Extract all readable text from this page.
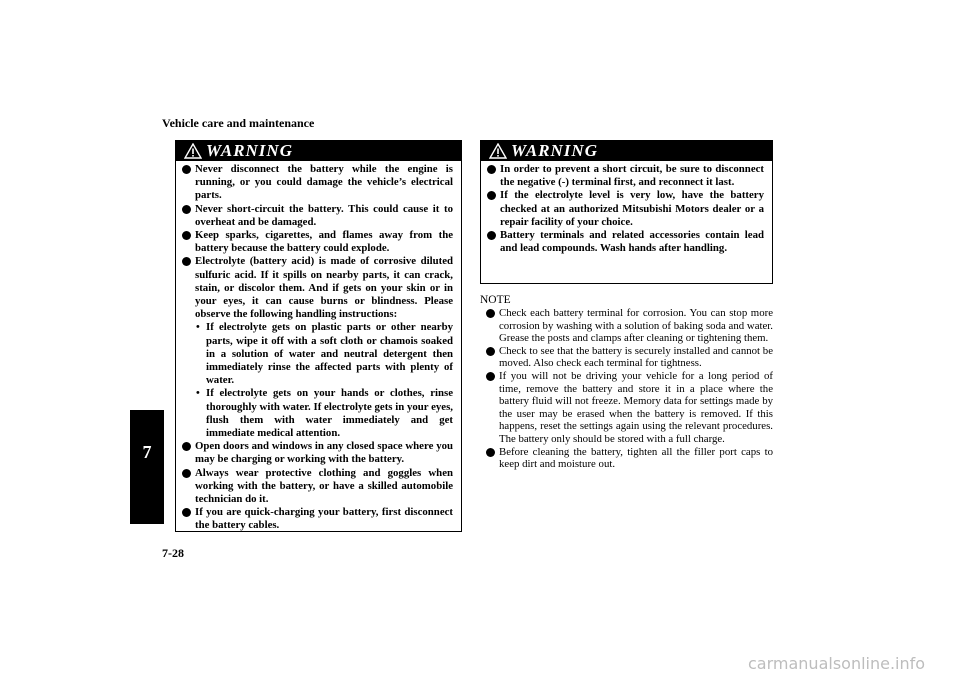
Vehicle care and maintenance
7
WARNING
Never disconnect the battery while the engine is running, or you could damage the vehicle’s electrical parts.
Never short-circuit the battery. This could cause it to overheat and be damaged.
Keep sparks, cigarettes, and flames away from the battery because the battery could explode.
Electrolyte (battery acid) is made of corrosive diluted sulfuric acid. If it spills on nearby parts, it can crack, stain, or discolor them. And if gets on your skin or in your eyes, it can cause burns or blindness. Please observe the following handling instructions:
• If electrolyte gets on plastic parts or other nearby parts, wipe it off with a soft cloth or chamois soaked in a solution of water and neutral detergent then immediately rinse the affected parts with plenty of water.
• If electrolyte gets on your hands or clothes, rinse thoroughly with water. If electrolyte gets in your eyes, flush them with water immediately and get immediate medical attention.
Open doors and windows in any closed space where you may be charging or working with the battery.
Always wear protective clothing and goggles when working with the battery, or have a skilled automobile technician do it.
If you are quick-charging your battery, first disconnect the battery cables.
WARNING
In order to prevent a short circuit, be sure to disconnect the negative (-) terminal first, and reconnect it last.
If the electrolyte level is very low, have the battery checked at an authorized Mitsubishi Motors dealer or a repair facility of your choice.
Battery terminals and related accessories contain lead and lead compounds. Wash hands after handling.
NOTE
Check each battery terminal for corrosion. You can stop more corrosion by washing with a solution of baking soda and water. Grease the posts and clamps after cleaning or tightening them.
Check to see that the battery is securely installed and cannot be moved. Also check each terminal for tightness.
If you will not be driving your vehicle for a long period of time, remove the battery and store it in a place where the battery fluid will not freeze. Memory data for settings made by the user may be erased when the battery is removed. If this happens, reset the settings again using the relevant procedures. The battery only should be stored with a full charge.
Before cleaning the battery, tighten all the filler port caps to keep dirt and moisture out.
7-28
carmanualsonline.info
